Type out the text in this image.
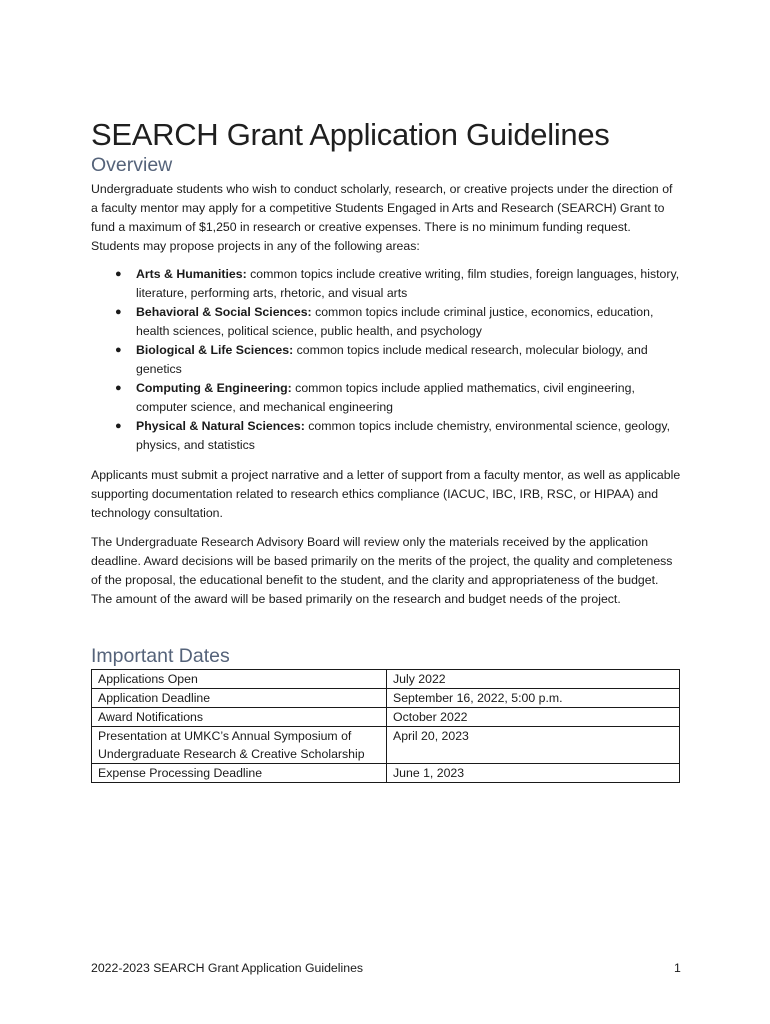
SEARCH Grant Application Guidelines
Overview

Undergraduate students who wish to conduct scholarly, research, or creative projects under the direction of a faculty mentor may apply for a competitive Students Engaged in Arts and Research (SEARCH) Grant to fund a maximum of $1,250 in research or creative expenses. There is no minimum funding request. Students may propose projects in any of the following areas:

● Arts & Humanities: common topics include creative writing, film studies, foreign languages, history, literature, performing arts, rhetoric, and visual arts
● Behavioral & Social Sciences: common topics include criminal justice, economics, education, health sciences, political science, public health, and psychology
● Biological & Life Sciences: common topics include medical research, molecular biology, and genetics
● Computing & Engineering: common topics include applied mathematics, civil engineering, computer science, and mechanical engineering
● Physical & Natural Sciences: common topics include chemistry, environmental science, geology, physics, and statistics

Applicants must submit a project narrative and a letter of support from a faculty mentor, as well as applicable supporting documentation related to research ethics compliance (IACUC, IBC, IRB, RSC, or HIPAA) and technology consultation.

The Undergraduate Research Advisory Board will review only the materials received by the application deadline. Award decisions will be based primarily on the merits of the project, the quality and completeness of the proposal, the educational benefit to the student, and the clarity and appropriateness of the budget. The amount of the award will be based primarily on the research and budget needs of the project.

Important Dates
Applications Open	July 2022
Application Deadline	September 16, 2022, 5:00 p.m.
Award Notifications	October 2022
Presentation at UMKC’s Annual Symposium of Undergraduate Research & Creative Scholarship	April 20, 2023
Expense Processing Deadline	June 1, 2023
2022-2023 SEARCH Grant Application Guidelines	1
